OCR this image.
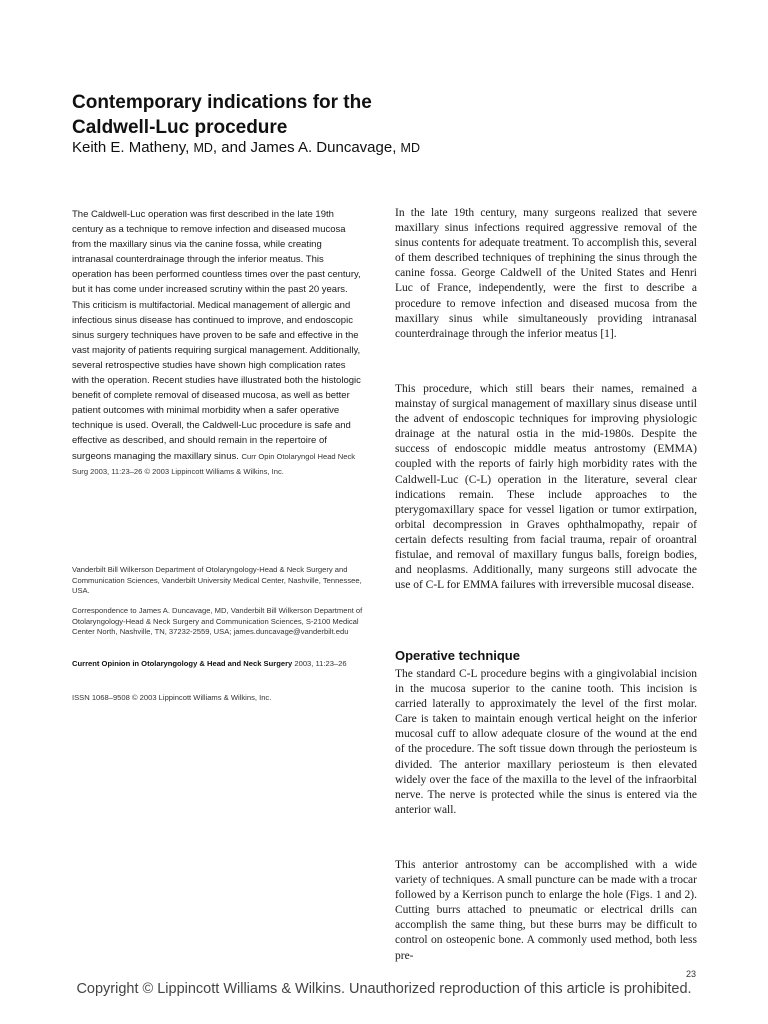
Contemporary indications for the
Caldwell-Luc procedure
Keith E. Matheny, MD, and James A. Duncavage, MD
The Caldwell-Luc operation was first described in the late 19th century as a technique to remove infection and diseased mucosa from the maxillary sinus via the canine fossa, while creating intranasal counterdrainage through the inferior meatus. This operation has been performed countless times over the past century, but it has come under increased scrutiny within the past 20 years. This criticism is multifactorial. Medical management of allergic and infectious sinus disease has continued to improve, and endoscopic sinus surgery techniques have proven to be safe and effective in the vast majority of patients requiring surgical management. Additionally, several retrospective studies have shown high complication rates with the operation. Recent studies have illustrated both the histologic benefit of complete removal of diseased mucosa, as well as better patient outcomes with minimal morbidity when a safer operative technique is used. Overall, the Caldwell-Luc procedure is safe and effective as described, and should remain in the repertoire of surgeons managing the maxillary sinus. Curr Opin Otolaryngol Head Neck Surg 2003, 11:23–26 © 2003 Lippincott Williams & Wilkins, Inc.
Vanderbilt Bill Wilkerson Department of Otolaryngology-Head & Neck Surgery and Communication Sciences, Vanderbilt University Medical Center, Nashville, Tennessee, USA.
Correspondence to James A. Duncavage, MD, Vanderbilt Bill Wilkerson Department of Otolaryngology-Head & Neck Surgery and Communication Sciences, S-2100 Medical Center North, Nashville, TN, 37232-2559, USA; james.duncavage@vanderbilt.edu
Current Opinion in Otolaryngology & Head and Neck Surgery 2003, 11:23–26
ISSN 1068–9508 © 2003 Lippincott Williams & Wilkins, Inc.
In the late 19th century, many surgeons realized that severe maxillary sinus infections required aggressive removal of the sinus contents for adequate treatment. To accomplish this, several of them described techniques of trephining the sinus through the canine fossa. George Caldwell of the United States and Henri Luc of France, independently, were the first to describe a procedure to remove infection and diseased mucosa from the maxillary sinus while simultaneously providing intranasal counterdrainage through the inferior meatus [1].
This procedure, which still bears their names, remained a mainstay of surgical management of maxillary sinus disease until the advent of endoscopic techniques for improving physiologic drainage at the natural ostia in the mid-1980s. Despite the success of endoscopic middle meatus antrostomy (EMMA) coupled with the reports of fairly high morbidity rates with the Caldwell-Luc (C-L) operation in the literature, several clear indications remain. These include approaches to the pterygomaxillary space for vessel ligation or tumor extirpation, orbital decompression in Graves ophthalmopathy, repair of certain defects resulting from facial trauma, repair of oroantral fistulae, and removal of maxillary fungus balls, foreign bodies, and neoplasms. Additionally, many surgeons still advocate the use of C-L for EMMA failures with irreversible mucosal disease.
Operative technique
The standard C-L procedure begins with a gingivolabial incision in the mucosa superior to the canine tooth. This incision is carried laterally to approximately the level of the first molar. Care is taken to maintain enough vertical height on the inferior mucosal cuff to allow adequate closure of the wound at the end of the procedure. The soft tissue down through the periosteum is divided. The anterior maxillary periosteum is then elevated widely over the face of the maxilla to the level of the infraorbital nerve. The nerve is protected while the sinus is entered via the anterior wall.
This anterior antrostomy can be accomplished with a wide variety of techniques. A small puncture can be made with a trocar followed by a Kerrison punch to enlarge the hole (Figs. 1 and 2). Cutting burrs attached to pneumatic or electrical drills can accomplish the same thing, but these burrs may be difficult to control on osteopenic bone. A commonly used method, both less pre-
23
Copyright © Lippincott Williams & Wilkins. Unauthorized reproduction of this article is prohibited.
